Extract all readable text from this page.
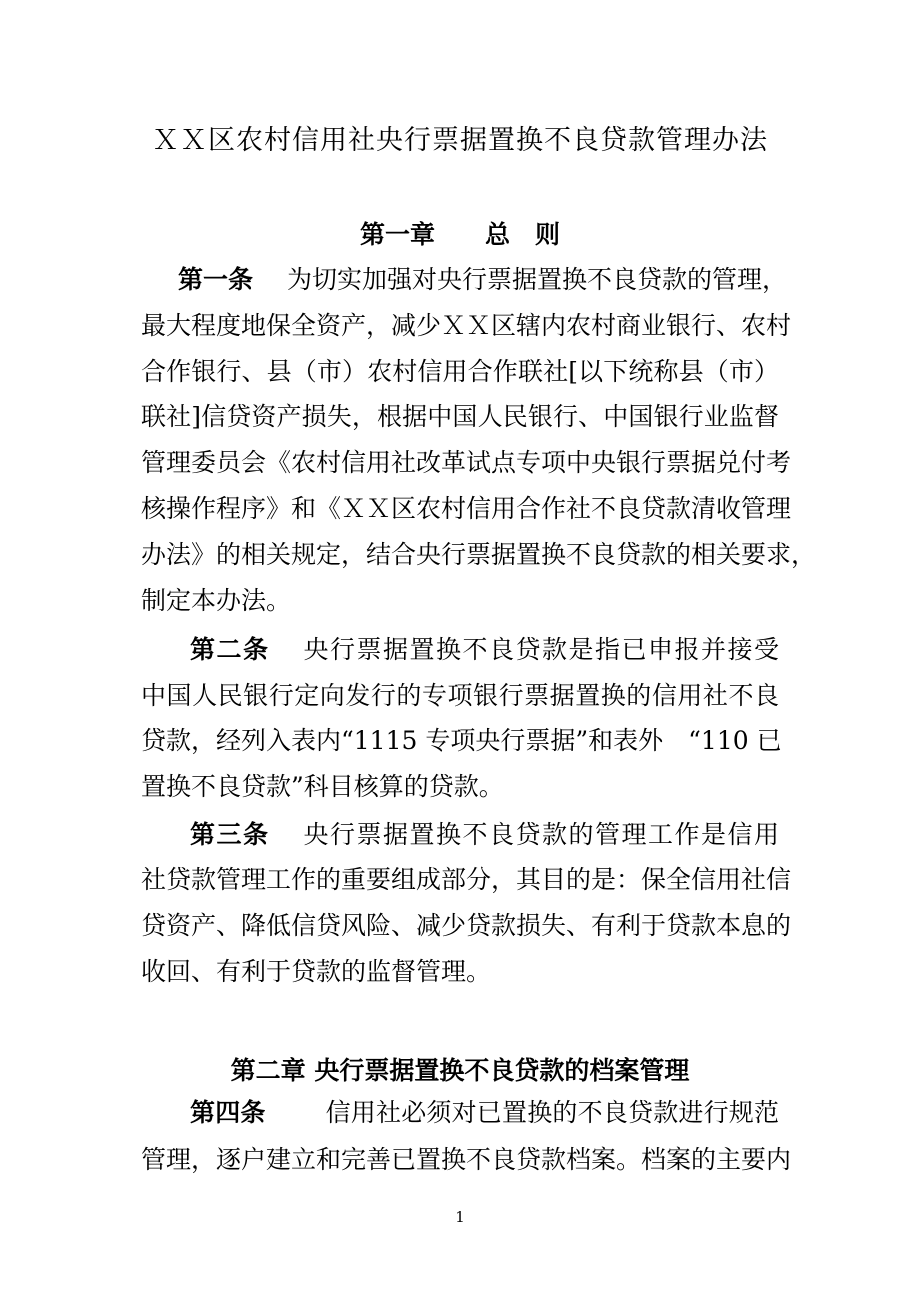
ＸＸ区农村信用社央行票据置换不良贷款管理办法
第一章　　总　则
第一条 为切实加强对央行票据置换不良贷款的管理，
最大程度地保全资产，减少ＸＸ区辖内农村商业银行、农村
合作银行、县（市）农村信用合作联社[以下统称县（市）
联社]信贷资产损失，根据中国人民银行、中国银行业监督
管理委员会《农村信用社改革试点专项中央银行票据兑付考
核操作程序》和《ＸＸ区农村信用合作社不良贷款清收管理
办法》的相关规定，结合央行票据置换不良贷款的相关要求，
制定本办法。
第二条 央行票据置换不良贷款是指已申报并接受
中国人民银行定向发行的专项银行票据置换的信用社不良
贷款，经列入表内“1115 专项央行票据”和表外　“110 已
置换不良贷款”科目核算的贷款。
第三条 央行票据置换不良贷款的管理工作是信用
社贷款管理工作的重要组成部分，其目的是：保全信用社信
贷资产、降低信贷风险、减少贷款损失、有利于贷款本息的
收回、有利于贷款的监督管理。
第二章 央行票据置换不良贷款的档案管理
第四条 信用社必须对已置换的不良贷款进行规范
管理，逐户建立和完善已置换不良贷款档案。档案的主要内
1
